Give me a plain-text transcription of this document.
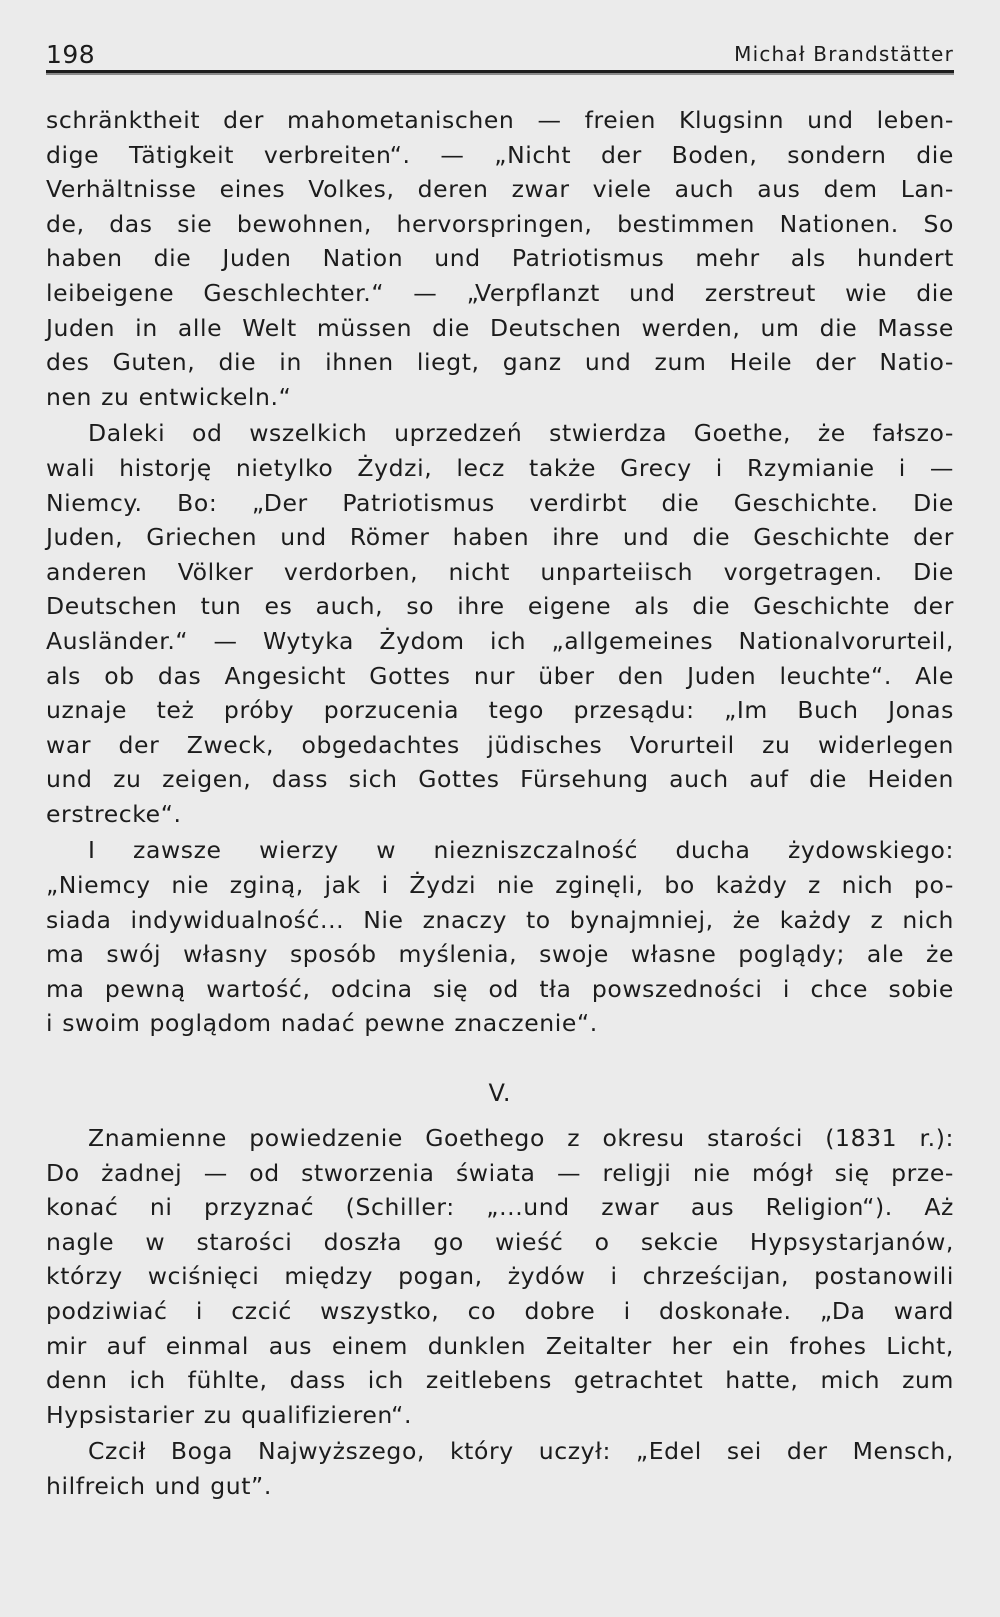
198	Michał Brandstätter

schränktheit der mahometanischen — freien Klugsinn und leben-
dige Tätigkeit verbreiten“. — „Nicht der Boden, sondern die
Verhältnisse eines Volkes, deren zwar viele auch aus dem Lan-
de, das sie bewohnen, hervorspringen, bestimmen Nationen. So
haben die Juden Nation und Patriotismus mehr als hundert
leibeigene Geschlechter.“ — „Verpflanzt und zerstreut wie die
Juden in alle Welt müssen die Deutschen werden, um die Masse
des Guten, die in ihnen liegt, ganz und zum Heile der Natio-
nen zu entwickeln.“

Daleki od wszelkich uprzedzeń stwierdza Goethe, że fałszo-
wali historję nietylko Żydzi, lecz także Grecy i Rzymianie i —
Niemcy. Bo: „Der Patriotismus verdirbt die Geschichte. Die
Juden, Griechen und Römer haben ihre und die Geschichte der
anderen Völker verdorben, nicht unparteiisch vorgetragen. Die
Deutschen tun es auch, so ihre eigene als die Geschichte der
Ausländer.“ — Wytyka Żydom ich „allgemeines Nationalvorurteil,
als ob das Angesicht Gottes nur über den Juden leuchte“. Ale
uznaje też próby porzucenia tego przesądu: „Im Buch Jonas
war der Zweck, obgedachtes jüdisches Vorurteil zu widerlegen
und zu zeigen, dass sich Gottes Fürsehung auch auf die Heiden
erstrecke“.

I zawsze wierzy w niezniszczalność ducha żydowskiego:
„Niemcy nie zginą, jak i Żydzi nie zginęli, bo każdy z nich po-
siada indywidualność... Nie znaczy to bynajmniej, że każdy z nich
ma swój własny sposób myślenia, swoje własne poglądy; ale że
ma pewną wartość, odcina się od tła powszedności i chce sobie
i swoim poglądom nadać pewne znaczenie“.

V.

Znamienne powiedzenie Goethego z okresu starości (1831 r.):
Do żadnej — od stworzenia świata — religji nie mógł się prze-
konać ni przyznać (Schiller: „...und zwar aus Religion“). Aż
nagle w starości doszła go wieść o sekcie Hypsystarjanów,
którzy wciśnięci między pogan, żydów i chrześcijan, postanowili
podziwiać i czcić wszystko, co dobre i doskonałe. „Da ward
mir auf einmal aus einem dunklen Zeitalter her ein frohes Licht,
denn ich fühlte, dass ich zeitlebens getrachtet hatte, mich zum
Hypsistarier zu qualifizieren“.

Czcił Boga Najwyższego, który uczył: „Edel sei der Mensch,
hilfreich und gut”.
